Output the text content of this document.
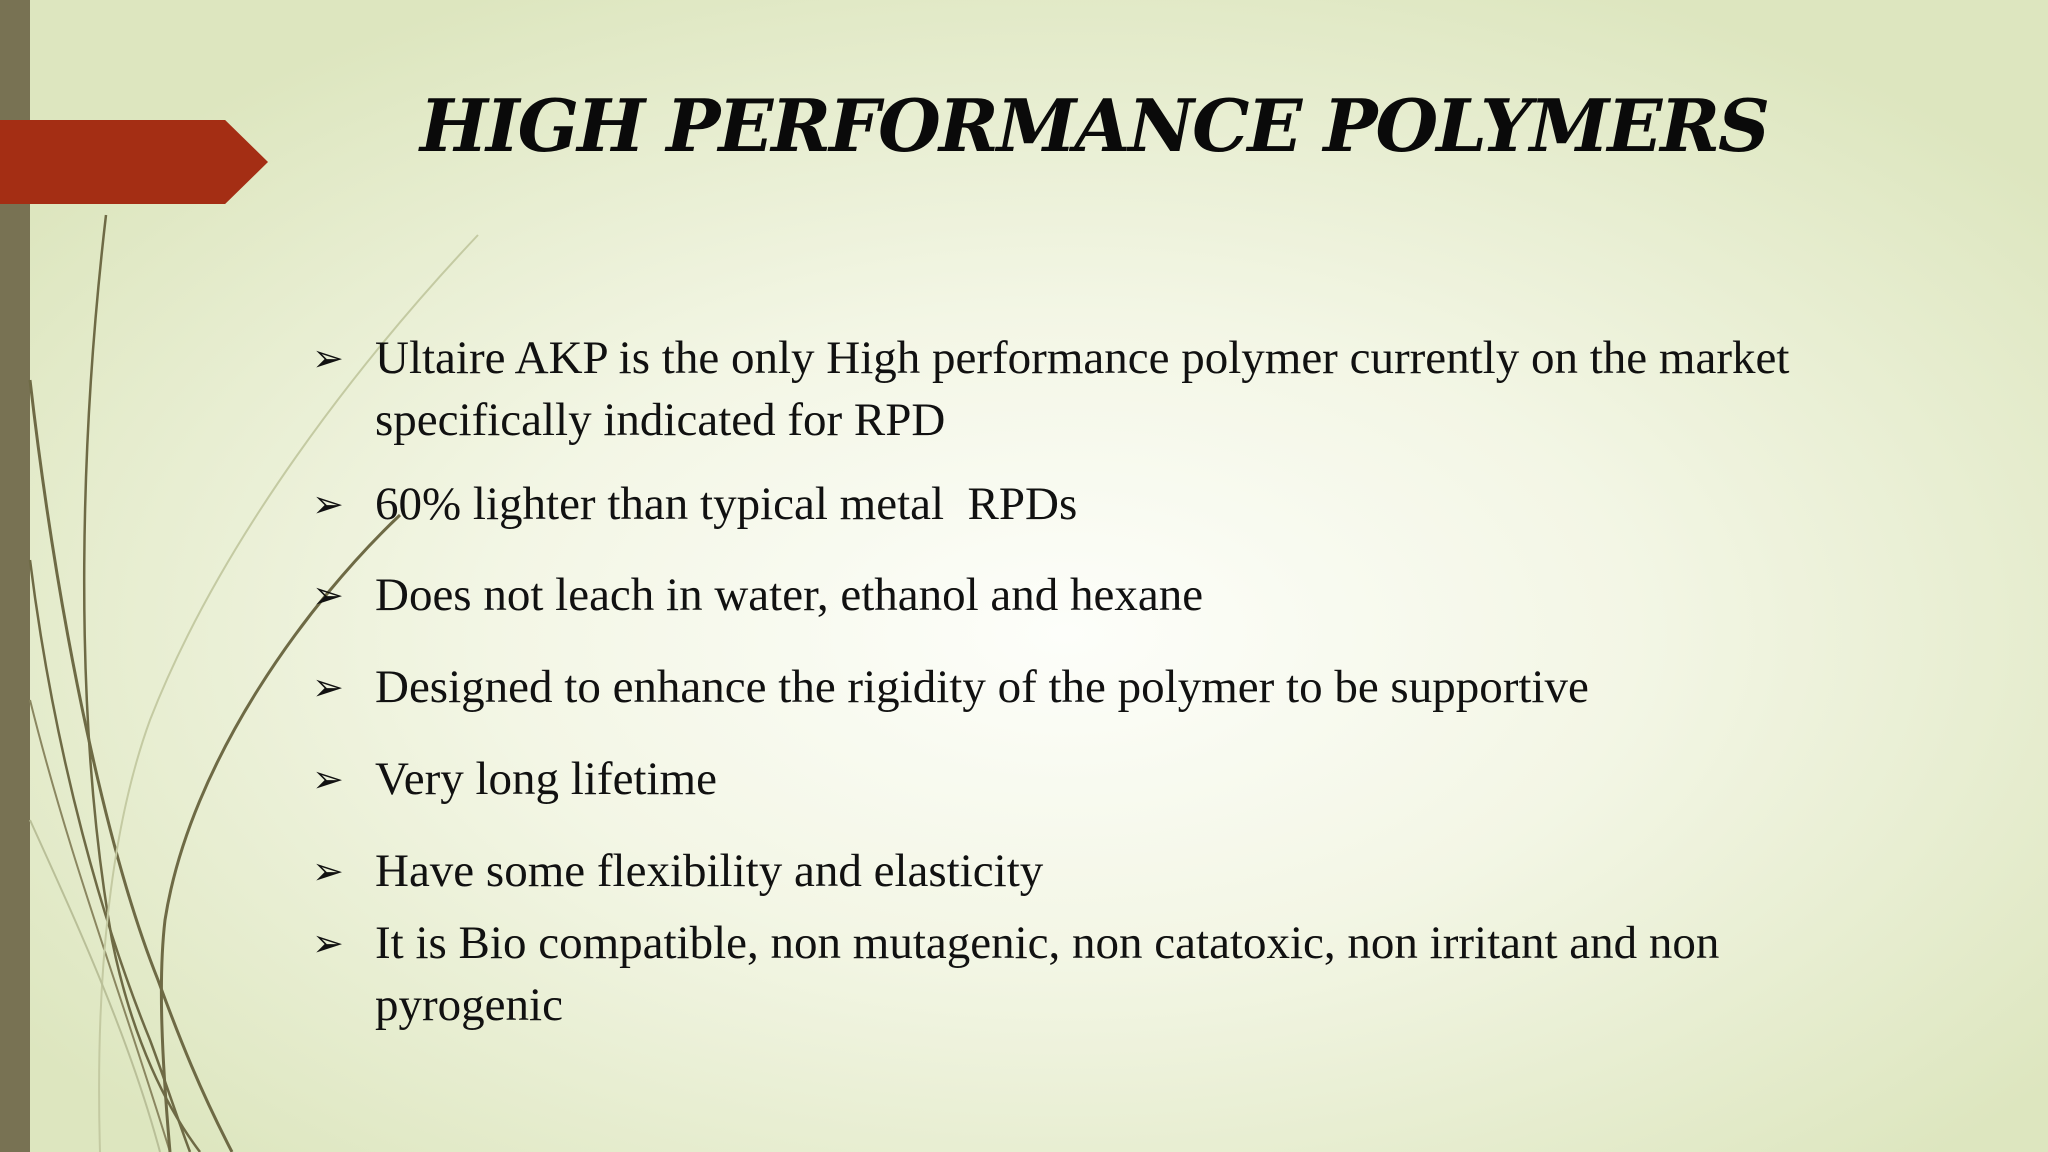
HIGH PERFORMANCE POLYMERS
➢ Ultaire AKP is the only High performance polymer currently on the market specifically indicated for RPD
➢ 60% lighter than typical metal  RPDs
➢ Does not leach in water, ethanol and hexane
➢ Designed to enhance the rigidity of the polymer to be supportive
➢ Very long lifetime
➢ Have some flexibility and elasticity
➢ It is Bio compatible, non mutagenic, non catatoxic, non irritant and non pyrogenic
